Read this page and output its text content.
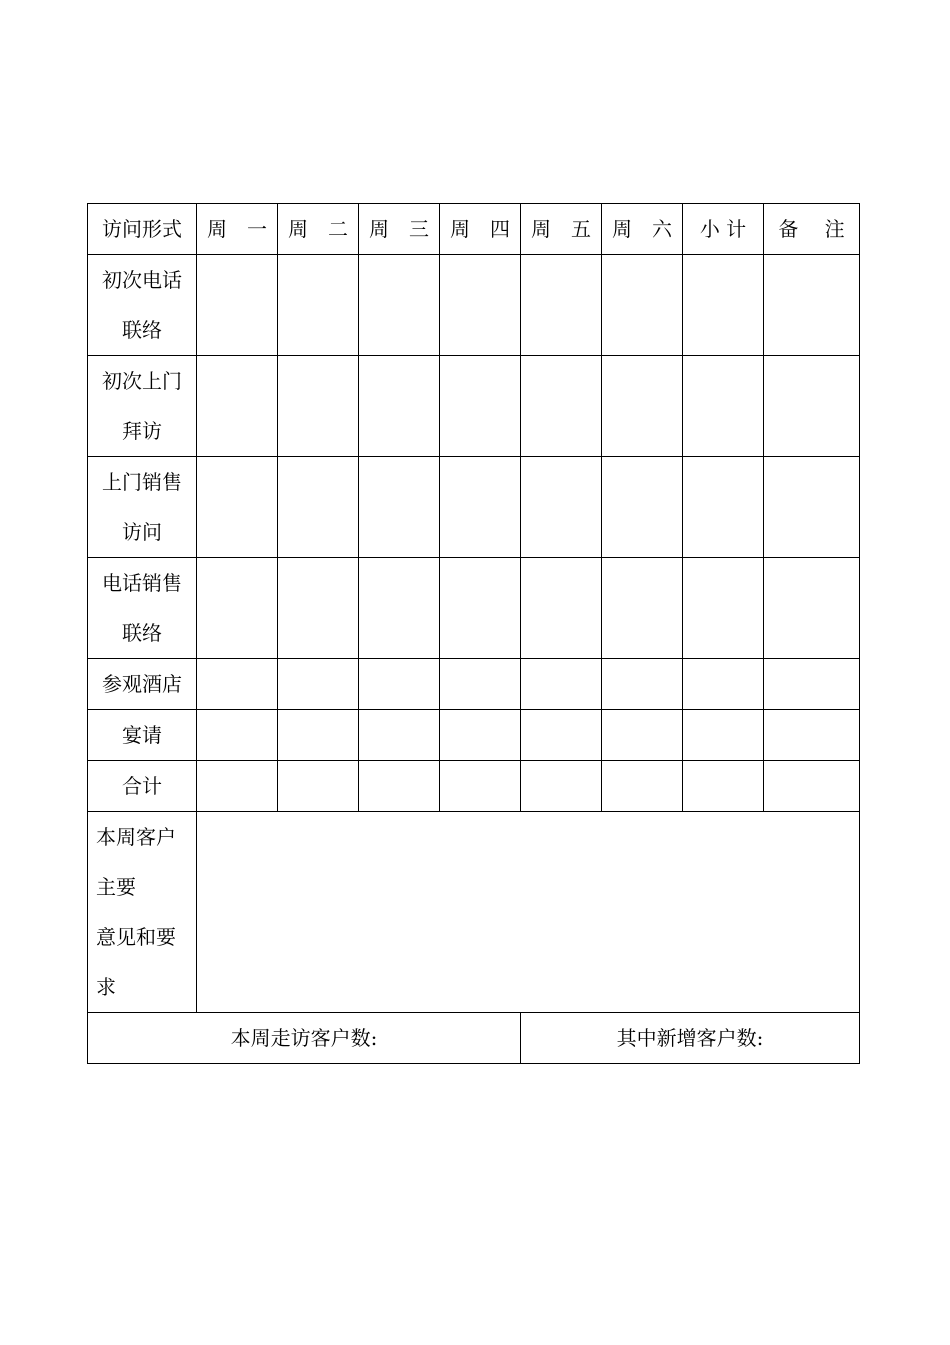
访问形式	周　一	周　二	周　三	周　四	周　五	周　六	小 计	备　 注

初次电话
联络								

初次上门
拜访								

上门销售
访问								

电话销售
联络								

参观酒店								
宴请								
合计								

本周客户
主要
意见和要
求								

本周走访客户数:					其中新增客户数:			
